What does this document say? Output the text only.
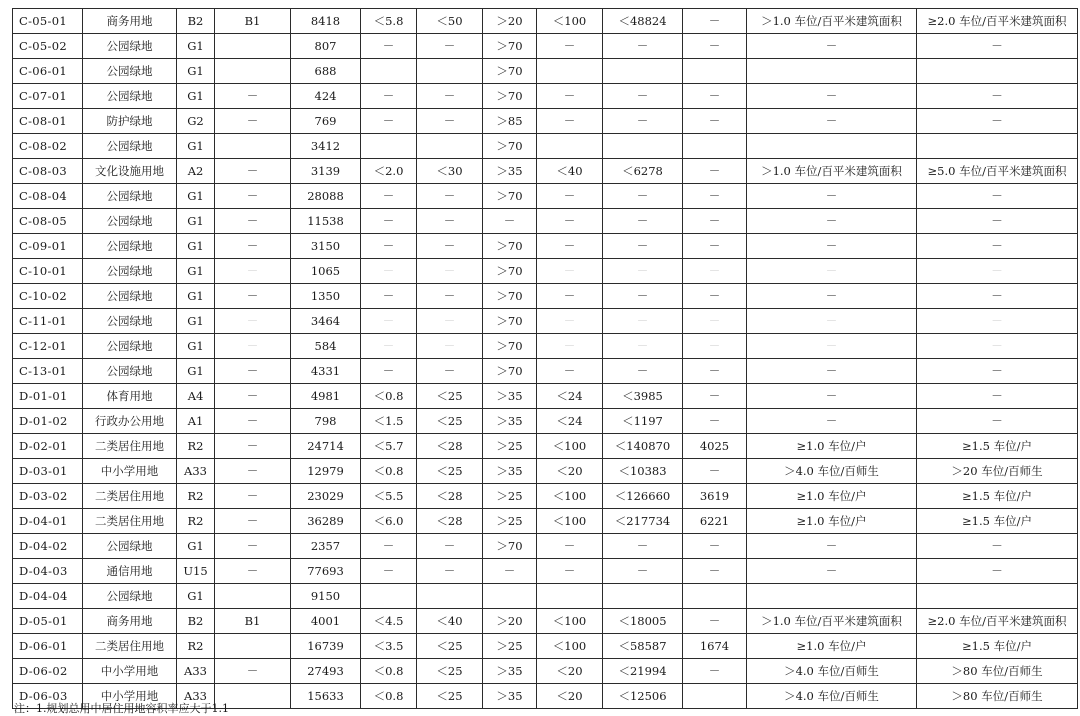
C-05-01	商务用地	B2	B1	8418	＜5.8	＜50	＞20	＜100	＜48824	－	＞1.0 车位/百平米建筑面积	≥2.0 车位/百平米建筑面积
C-05-02	公园绿地	G1		807	－	－	＞70	－	－	－	－	－
C-06-01	公园绿地	G1		688			＞70					
C-07-01	公园绿地	G1	－	424	－	－	＞70	－	－	－	－	－
C-08-01	防护绿地	G2	－	769	－	－	＞85	－	－	－	－	－
C-08-02	公园绿地	G1		3412			＞70					
C-08-03	文化设施用地	A2	－	3139	＜2.0	＜30	＞35	＜40	＜6278	－	＞1.0 车位/百平米建筑面积	≥5.0 车位/百平米建筑面积
C-08-04	公园绿地	G1	－	28088	－	－	＞70	－	－	－	－	－
C-08-05	公园绿地	G1	－	11538	－	－	－	－	－	－	－	－
C-09-01	公园绿地	G1	－	3150	－	－	＞70	－	－	－	－	－
C-10-01	公园绿地	G1	－	1065	－	－	＞70	－	－	－	－	－
C-10-02	公园绿地	G1	－	1350	－	－	＞70	－	－	－	－	－
C-11-01	公园绿地	G1	－	3464	－	－	＞70	－	－	－	－	－
C-12-01	公园绿地	G1	－	584	－	－	＞70	－	－	－	－	－
C-13-01	公园绿地	G1	－	4331	－	－	＞70	－	－	－	－	－
D-01-01	体育用地	A4	－	4981	＜0.8	＜25	＞35	＜24	＜3985	－	－	－
D-01-02	行政办公用地	A1	－	798	＜1.5	＜25	＞35	＜24	＜1197	－	－	－
D-02-01	二类居住用地	R2	－	24714	＜5.7	＜28	＞25	＜100	＜140870	4025	≥1.0 车位/户	≥1.5 车位/户
D-03-01	中小学用地	A33	－	12979	＜0.8	＜25	＞35	＜20	＜10383	－	＞4.0 车位/百师生	＞20 车位/百师生
D-03-02	二类居住用地	R2	－	23029	＜5.5	＜28	＞25	＜100	＜126660	3619	≥1.0 车位/户	≥1.5 车位/户
D-04-01	二类居住用地	R2	－	36289	＜6.0	＜28	＞25	＜100	＜217734	6221	≥1.0 车位/户	≥1.5 车位/户
D-04-02	公园绿地	G1	－	2357	－	－	＞70	－	－	－	－	－
D-04-03	通信用地	U15	－	77693	－	－	－	－	－	－	－	－
D-04-04	公园绿地	G1		9150								
D-05-01	商务用地	B2	B1	4001	＜4.5	＜40	＞20	＜100	＜18005	－	＞1.0 车位/百平米建筑面积	≥2.0 车位/百平米建筑面积
D-06-01	二类居住用地	R2		16739	＜3.5	＜25	＞25	＜100	＜58587	1674	≥1.0 车位/户	≥1.5 车位/户
D-06-02	中小学用地	A33	－	27493	＜0.8	＜25	＞35	＜20	＜21994	－	＞4.0 车位/百师生	＞80 车位/百师生
D-06-03	中小学用地	A33		15633	＜0.8	＜25	＞35	＜20	＜12506		＞4.0 车位/百师生	＞80 车位/百师生
注：1.规划总用中居住用地容积率应大于1.1
